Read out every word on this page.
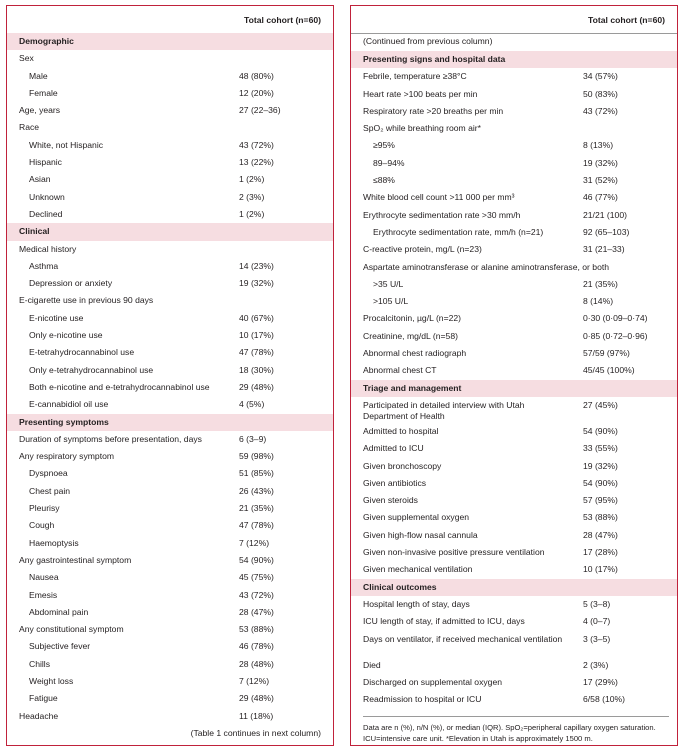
Total cohort (n=60)
Demographic
Sex
Male	48 (80%)
Female	12 (20%)
Age, years	27 (22–36)
Race
White, not Hispanic	43 (72%)
Hispanic	13 (22%)
Asian	1 (2%)
Unknown	2 (3%)
Declined	1 (2%)
Clinical
Medical history
Asthma	14 (23%)
Depression or anxiety	19 (32%)
E-cigarette use in previous 90 days
E-nicotine use	40 (67%)
Only e-nicotine use	10 (17%)
E-tetrahydrocannabinol use	47 (78%)
Only e-tetrahydrocannabinol use	18 (30%)
Both e-nicotine and e-tetrahydrocannabinol use	29 (48%)
E-cannabidiol oil use	4 (5%)
Presenting symptoms
Duration of symptoms before presentation, days	6 (3–9)
Any respiratory symptom	59 (98%)
Dyspnoea	51 (85%)
Chest pain	26 (43%)
Pleurisy	21 (35%)
Cough	47 (78%)
Haemoptysis	7 (12%)
Any gastrointestinal symptom	54 (90%)
Nausea	45 (75%)
Emesis	43 (72%)
Abdominal pain	28 (47%)
Any constitutional symptom	53 (88%)
Subjective fever	46 (78%)
Chills	28 (48%)
Weight loss	7 (12%)
Fatigue	29 (48%)
Headache	11 (18%)
(Table 1 continues in next column)
Total cohort (n=60)
(Continued from previous column)
Presenting signs and hospital data
Febrile, temperature ≥38°C	34 (57%)
Heart rate >100 beats per min	50 (83%)
Respiratory rate >20 breaths per min	43 (72%)
SpO₂ while breathing room air*
≥95%	8 (13%)
89–94%	19 (32%)
≤88%	31 (52%)
White blood cell count >11 000 per mm³	46 (77%)
Erythrocyte sedimentation rate >30 mm/h	21/21 (100)
Erythrocyte sedimentation rate, mm/h (n=21)	92 (65–103)
C-reactive protein, mg/L (n=23)	31 (21–33)
Aspartate aminotransferase or alanine aminotransferase, or both
>35 U/L	21 (35%)
>105 U/L	8 (14%)
Procalcitonin, µg/L (n=22)	0·30 (0·09–0·74)
Creatinine, mg/dL (n=58)	0·85 (0·72–0·96)
Abnormal chest radiograph	57/59 (97%)
Abnormal chest CT	45/45 (100%)
Triage and management
Participated in detailed interview with Utah Department of Health
27 (45%)
Admitted to hospital	54 (90%)
Admitted to ICU	33 (55%)
Given bronchoscopy	19 (32%)
Given antibiotics	54 (90%)
Given steroids	57 (95%)
Given supplemental oxygen	53 (88%)
Given high-flow nasal cannula	28 (47%)
Given non-invasive positive pressure ventilation	17 (28%)
Given mechanical ventilation	10 (17%)
Clinical outcomes
Hospital length of stay, days	5 (3–8)
ICU length of stay, if admitted to ICU, days	4 (0–7)
Days on ventilator, if received mechanical ventilation 3 (3–5)
Died	2 (3%)
Discharged on supplemental oxygen	17 (29%)
Readmission to hospital or ICU	6/58 (10%)
Data are n (%), n/N (%), or median (IQR). SpO₂=peripheral capillary oxygen saturation. ICU=intensive care unit. *Elevation in Utah is approximately 1500 m.
